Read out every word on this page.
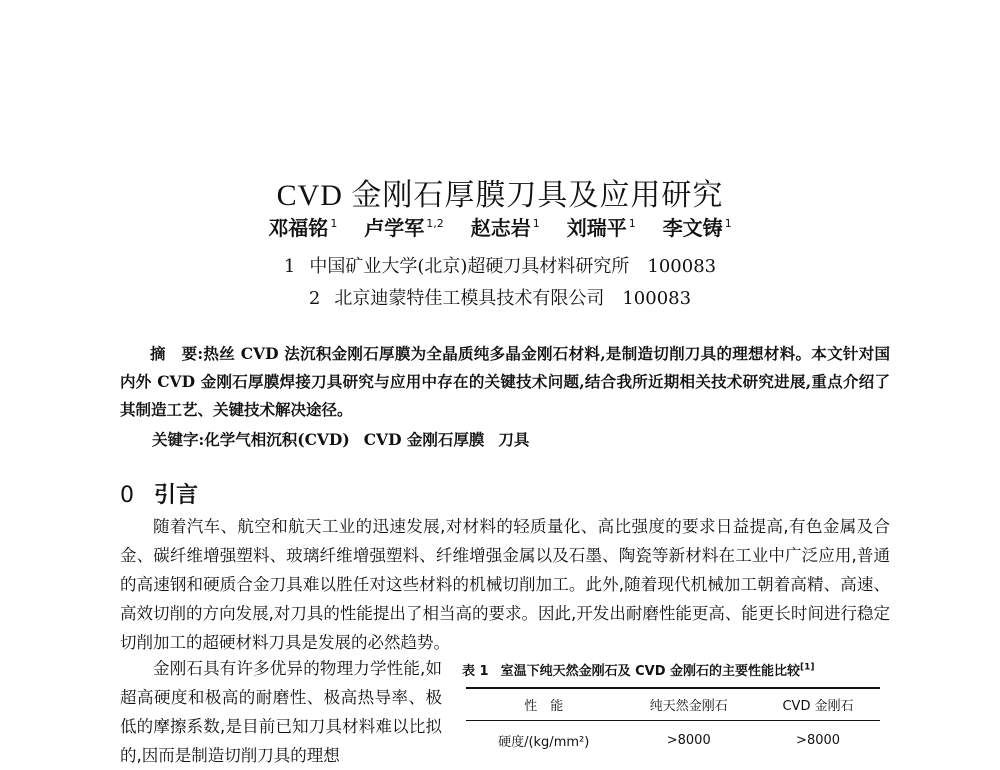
CVD 金刚石厚膜刀具及应用研究
邓福铭 $^1$ 卢学军 $^{1,2}$ 赵志岩 $^1$ 刘瑞平 $^1$ 李文铸 $^1$
1 中国矿业大学(北京)超硬刀具材料研究所 100083
2 北京迪蒙特佳工模具技术有限公司 100083
摘　要:热丝 CVD 法沉积金刚石厚膜为全晶质纯多晶金刚石材料,是制造切削刀具的理想材料。本文针对国内外 CVD 金刚石厚膜焊接刀具研究与应用中存在的关键技术问题,结合我所近期相关技术研究进展,重点介绍了其制造工艺、关键技术解决途径。
关键字:化学气相沉积(CVD) CVD 金刚石厚膜 刀具
0 引言

随着汽车、航空和航天工业的迅速发展,对材料的轻质量化、高比强度的要求日益提高,有色金属及合金、碳纤维增强塑料、玻璃纤维增强塑料、纤维增强金属以及石墨、陶瓷等新材料在工业中广泛应用,普通的高速钢和硬质合金刀具难以胜任对这些材料的机械切削加工。此外,随着现代机械加工朝着高精、高速、高效切削的方向发展,对刀具的性能提出了相当高的要求。因此,开发出耐磨性能更高、能更长时间进行稳定切削加工的超硬材料刀具是发展的必然趋势。

金刚石具有许多优异的物理力学性能,如超高硬度和极高的耐磨性、极高热导率、极低的摩擦系数,是目前已知刀具材料难以比拟的,因而是制造切削刀具的理想

表 1 室温下纯天然金刚石及 CVD 金刚石的主要性能比较[1]
性　能	纯天然金刚石	CVD 金刚石
硬度/(kg/mm²)	>8000	>8000
